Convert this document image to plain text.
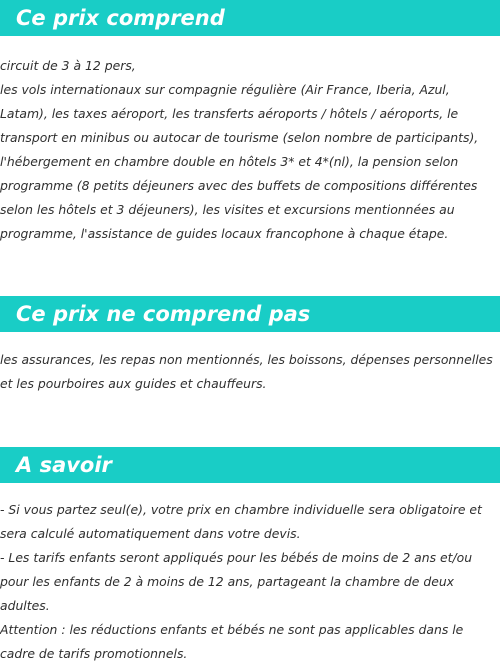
Ce prix comprend

circuit de 3 à 12 pers,
les vols internationaux sur compagnie régulière (Air France, Iberia, Azul, Latam), les taxes aéroport, les transferts aéroports / hôtels / aéroports, le transport en minibus ou autocar de tourisme (selon nombre de participants), l'hébergement en chambre double en hôtels 3* et 4*(nl), la pension selon programme (8 petits déjeuners avec des buffets de compositions différentes selon les hôtels et 3 déjeuners), les visites et excursions mentionnées au programme, l'assistance de guides locaux francophone à chaque étape.

Ce prix ne comprend pas

les assurances, les repas non mentionnés, les boissons, dépenses personnelles et les pourboires aux guides et chauffeurs.

A savoir

- Si vous partez seul(e), votre prix en chambre individuelle sera obligatoire et sera calculé automatiquement dans votre devis.
- Les tarifs enfants seront appliqués pour les bébés de moins de 2 ans et/ou pour les enfants de 2 à moins de 12 ans, partageant la chambre de deux adultes.
Attention : les réductions enfants et bébés ne sont pas applicables dans le cadre de tarifs promotionnels.
